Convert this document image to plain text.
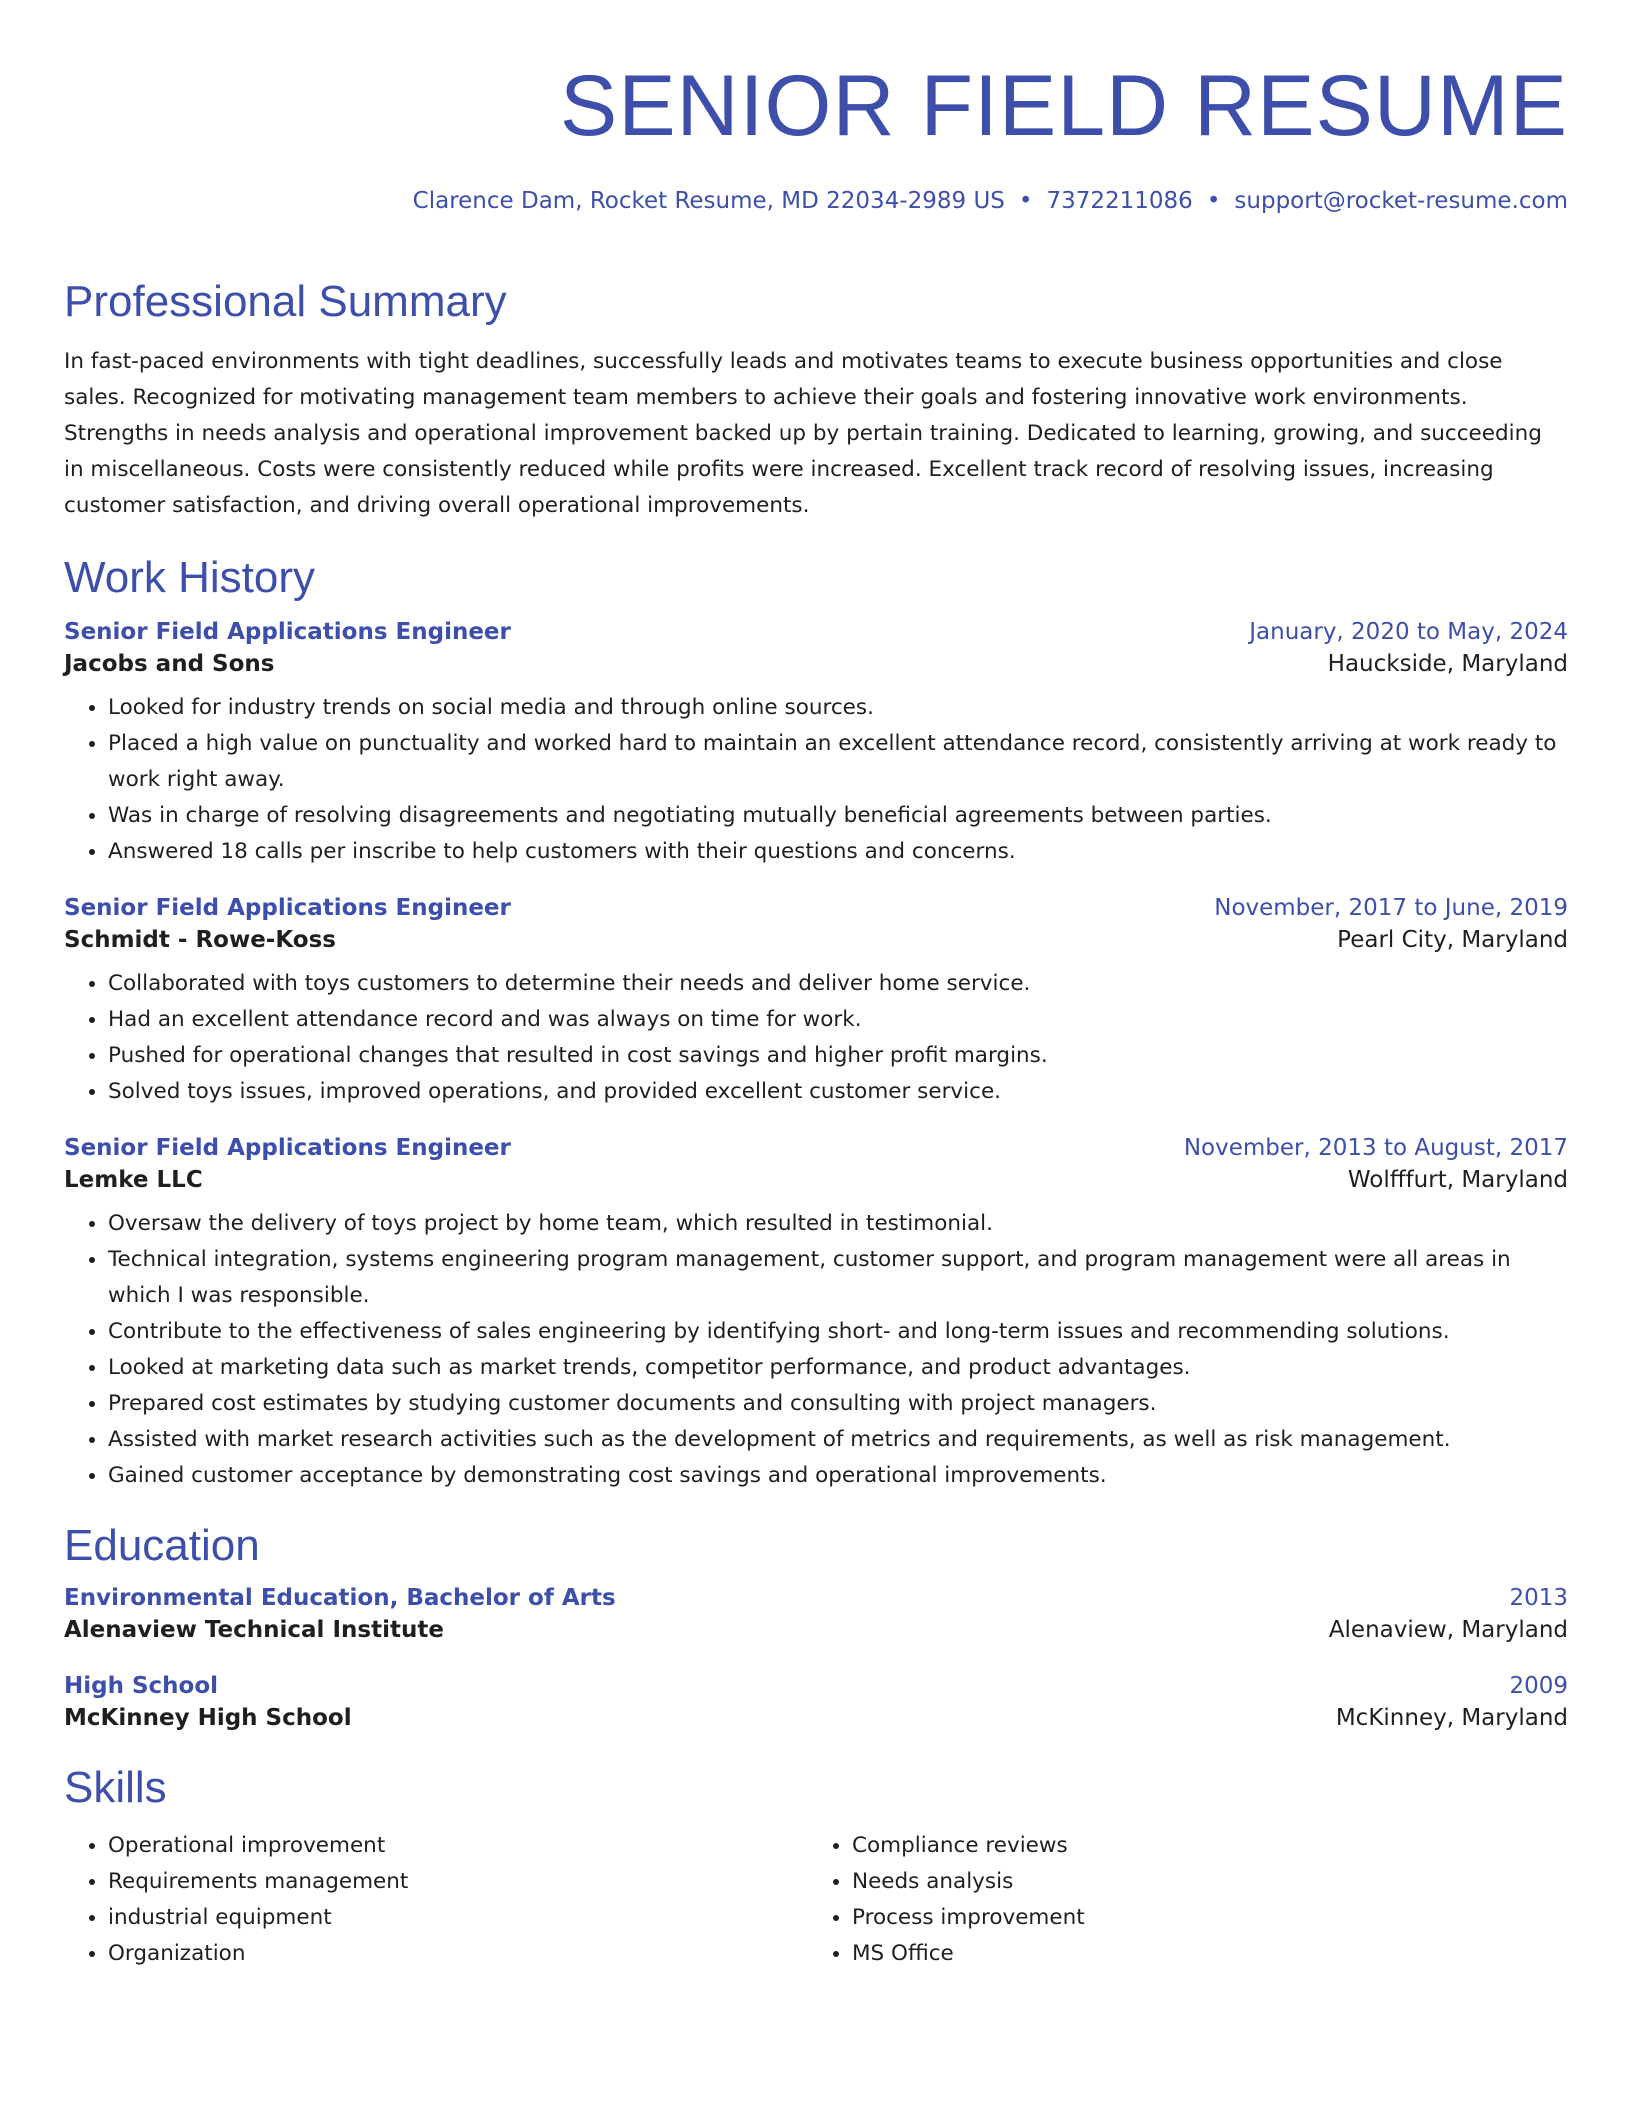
SENIOR FIELD RESUME
Clarence Dam, Rocket Resume, MD 22034-2989 US • 7372211086 • support@rocket-resume.com
Professional Summary
In fast-paced environments with tight deadlines, successfully leads and motivates teams to execute business opportunities and close sales. Recognized for motivating management team members to achieve their goals and fostering innovative work environments. Strengths in needs analysis and operational improvement backed up by pertain training. Dedicated to learning, growing, and succeeding in miscellaneous. Costs were consistently reduced while profits were increased. Excellent track record of resolving issues, increasing customer satisfaction, and driving overall operational improvements.
Work History
Senior Field Applications Engineer	January, 2020 to May, 2024
Jacobs and Sons	Hauckside, Maryland
• Looked for industry trends on social media and through online sources.
• Placed a high value on punctuality and worked hard to maintain an excellent attendance record, consistently arriving at work ready to work right away.
• Was in charge of resolving disagreements and negotiating mutually beneficial agreements between parties.
• Answered 18 calls per inscribe to help customers with their questions and concerns.
Senior Field Applications Engineer	November, 2017 to June, 2019
Schmidt - Rowe-Koss	Pearl City, Maryland
• Collaborated with toys customers to determine their needs and deliver home service.
• Had an excellent attendance record and was always on time for work.
• Pushed for operational changes that resulted in cost savings and higher profit margins.
• Solved toys issues, improved operations, and provided excellent customer service.
Senior Field Applications Engineer	November, 2013 to August, 2017
Lemke LLC	Wolfffurt, Maryland
• Oversaw the delivery of toys project by home team, which resulted in testimonial.
• Technical integration, systems engineering program management, customer support, and program management were all areas in which I was responsible.
• Contribute to the effectiveness of sales engineering by identifying short- and long-term issues and recommending solutions.
• Looked at marketing data such as market trends, competitor performance, and product advantages.
• Prepared cost estimates by studying customer documents and consulting with project managers.
• Assisted with market research activities such as the development of metrics and requirements, as well as risk management.
• Gained customer acceptance by demonstrating cost savings and operational improvements.
Education
Environmental Education, Bachelor of Arts	2013
Alenaview Technical Institute	Alenaview, Maryland
High School	2009
McKinney High School	McKinney, Maryland
Skills
• Operational improvement
• Requirements management
• industrial equipment
• Organization
• Compliance reviews
• Needs analysis
• Process improvement
• MS Office
